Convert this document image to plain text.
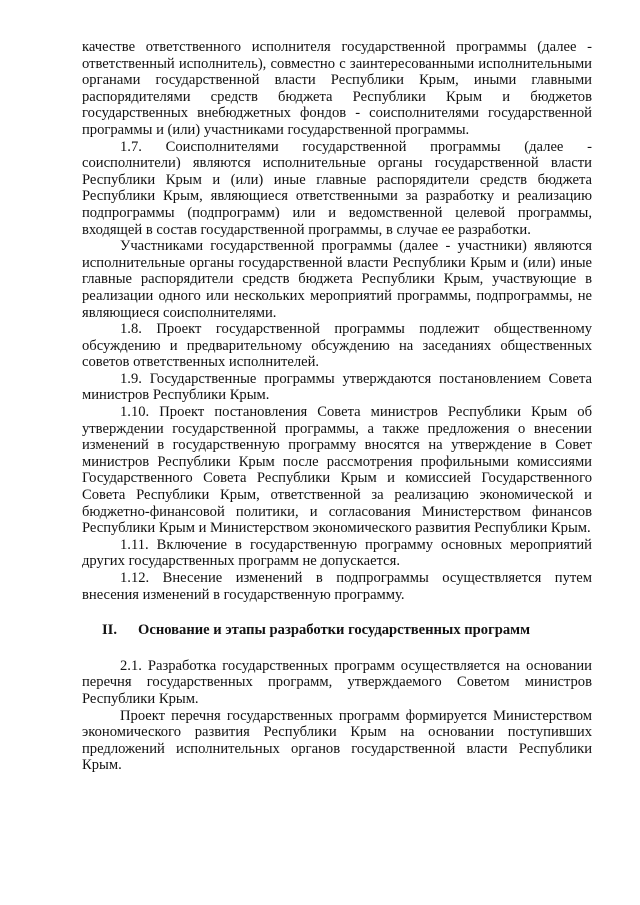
качестве ответственного исполнителя государственной программы (далее - ответственный исполнитель), совместно с заинтересованными исполнительными органами государственной власти Республики Крым, иными главными распорядителями средств бюджета Республики Крым и бюджетов государственных внебюджетных фондов - соисполнителями государственной программы и (или) участниками государственной программы.

1.7. Соисполнителями государственной программы (далее - соисполнители) являются исполнительные органы государственной власти Республики Крым и (или) иные главные распорядители средств бюджета Республики Крым, являющиеся ответственными за разработку и реализацию подпрограммы (подпрограмм) или и ведомственной целевой программы, входящей в состав государственной программы, в случае ее разработки.

Участниками государственной программы (далее - участники) являются исполнительные органы государственной власти Республики Крым и (или) иные главные распорядители средств бюджета Республики Крым, участвующие в реализации одного или нескольких мероприятий программы, подпрограммы, не являющиеся соисполнителями.

1.8. Проект государственной программы подлежит общественному обсуждению и предварительному обсуждению на заседаниях общественных советов ответственных исполнителей.

1.9. Государственные программы утверждаются постановлением Совета министров Республики Крым.

1.10. Проект постановления Совета министров Республики Крым об утверждении государственной программы, а также предложения о внесении изменений в государственную программу вносятся на утверждение в Совет министров Республики Крым после рассмотрения профильными комиссиями Государственного Совета Республики Крым и комиссией Государственного Совета Республики Крым, ответственной за реализацию экономической и бюджетно-финансовой политики, и согласования Министерством финансов Республики Крым и Министерством экономического развития Республики Крым.

1.11. Включение в государственную программу основных мероприятий других государственных программ не допускается.

1.12. Внесение изменений в подпрограммы осуществляется путем внесения изменений в государственную программу.

II. Основание и этапы разработки государственных программ

2.1. Разработка государственных программ осуществляется на основании перечня государственных программ, утверждаемого Советом министров Республики Крым.

Проект перечня государственных программ формируется Министерством экономического развития Республики Крым на основании поступивших предложений исполнительных органов государственной власти Республики Крым.
